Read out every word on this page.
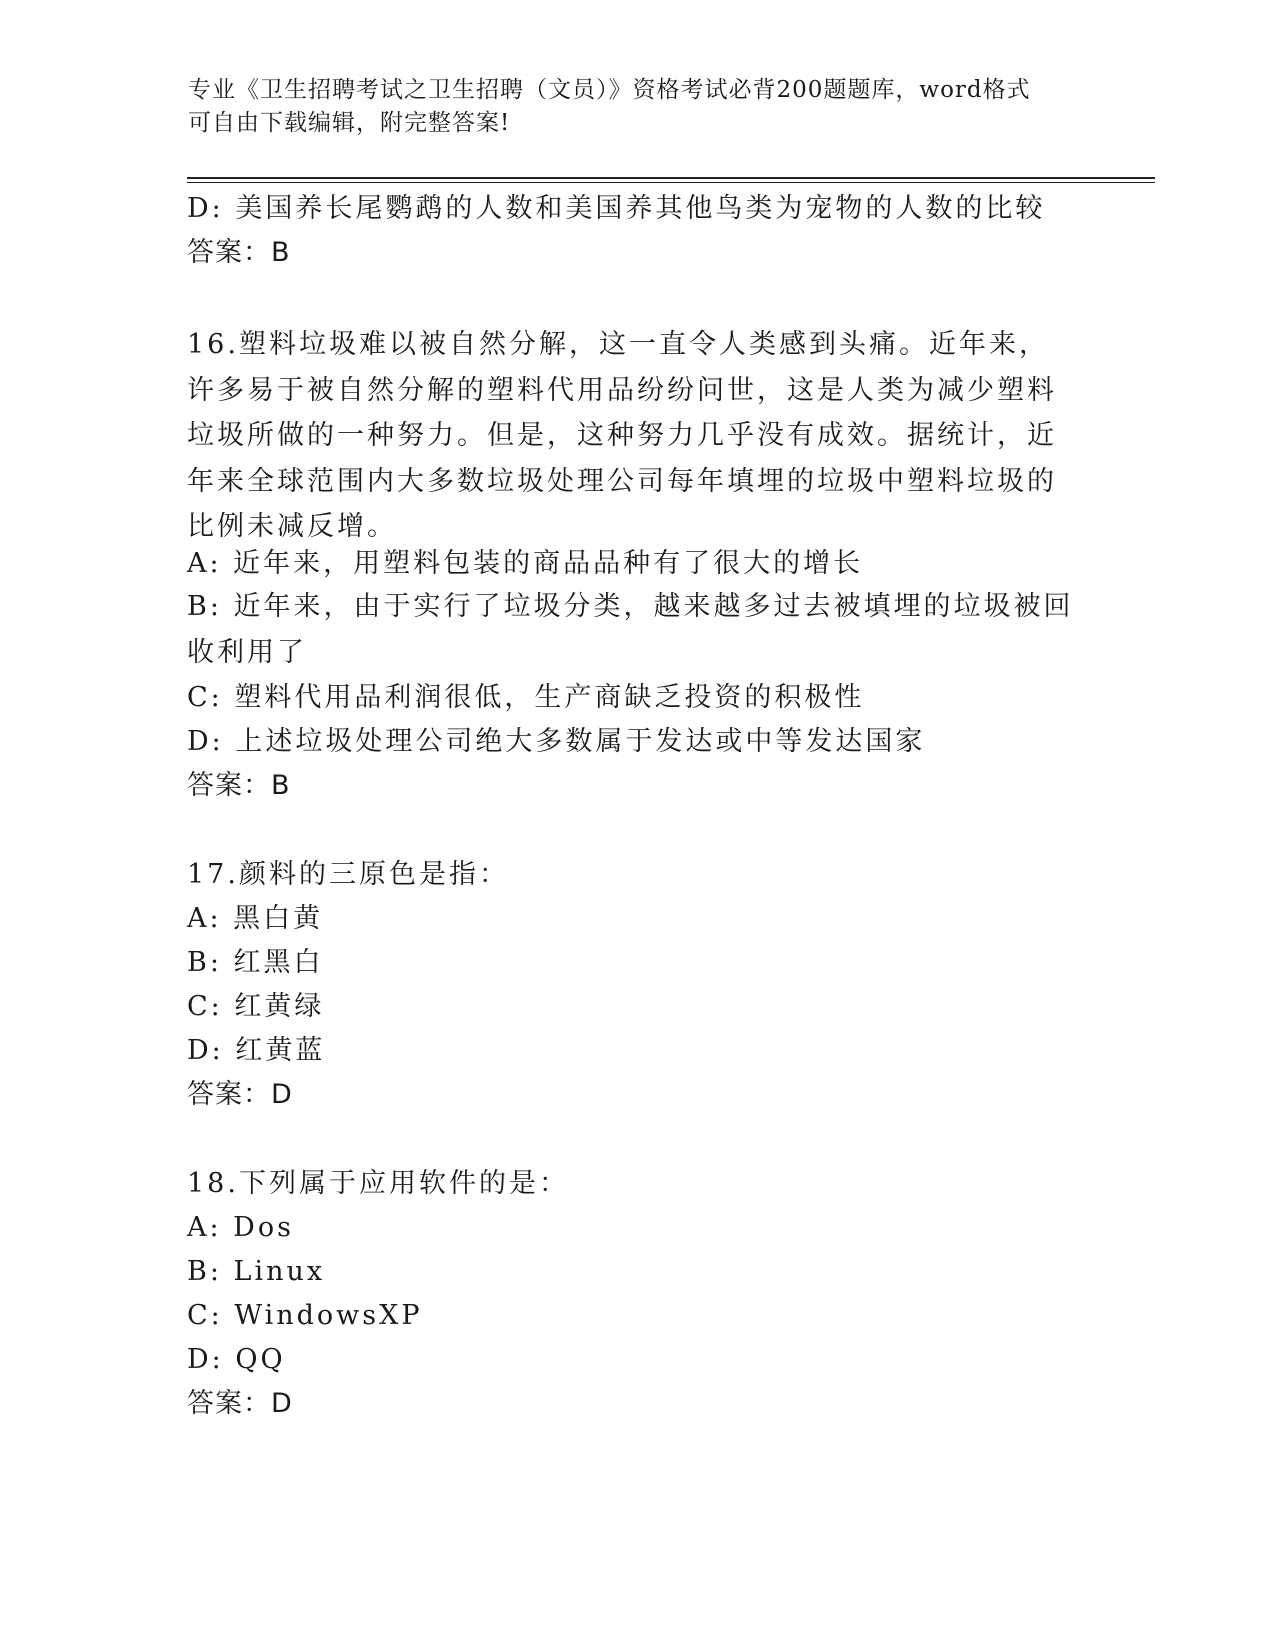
专业《卫生招聘考试之卫生招聘（文员）》资格考试必背200题题库，word格式
可自由下载编辑，附完整答案!
D: 美国养长尾鹦鹉的人数和美国养其他鸟类为宠物的人数的比较
答案：B
16.塑料垃圾难以被自然分解，这一直令人类感到头痛。近年来，许多易于被自然分解的塑料代用品纷纷问世，这是人类为减少塑料垃圾所做的一种努力。但是，这种努力几乎没有成效。据统计，近年来全球范围内大多数垃圾处理公司每年填埋的垃圾中塑料垃圾的比例未减反增。
A: 近年来，用塑料包装的商品品种有了很大的增长
B: 近年来，由于实行了垃圾分类，越来越多过去被填埋的垃圾被回收利用了
C: 塑料代用品利润很低，生产商缺乏投资的积极性
D: 上述垃圾处理公司绝大多数属于发达或中等发达国家
答案：B
17.颜料的三原色是指：
A: 黑白黄
B: 红黑白
C: 红黄绿
D: 红黄蓝
答案：D
18.下列属于应用软件的是：
A: Dos
B: Linux
C: WindowsXP
D: QQ
答案：D
